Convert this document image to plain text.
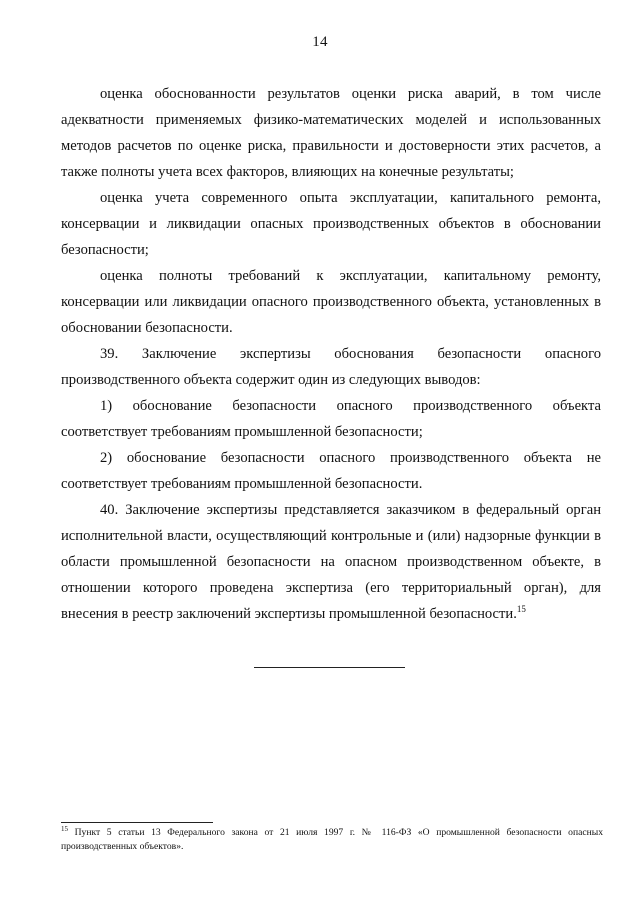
14

оценка обоснованности результатов оценки риска аварий, в том числе адекватности применяемых физико-математических моделей и использованных методов расчетов по оценке риска, правильности и достоверности этих расчетов, а также полноты учета всех факторов, влияющих на конечные результаты;

оценка учета современного опыта эксплуатации, капитального ремонта, консервации и ликвидации опасных производственных объектов в обосновании безопасности;

оценка полноты требований к эксплуатации, капитальному ремонту, консервации или ликвидации опасного производственного объекта, установленных в обосновании безопасности.

39. Заключение экспертизы обоснования безопасности опасного производственного объекта содержит один из следующих выводов:

1) обоснование безопасности опасного производственного объекта соответствует требованиям промышленной безопасности;

2) обоснование безопасности опасного производственного объекта не соответствует требованиям промышленной безопасности.

40. Заключение экспертизы представляется заказчиком в федеральный орган исполнительной власти, осуществляющий контрольные и (или) надзорные функции в области промышленной безопасности на опасном производственном объекте, в отношении которого проведена экспертиза (его территориальный орган), для внесения в реестр заключений экспертизы промышленной безопасности.$^{15}$

$^{15}$ Пункт 5 статьи 13 Федерального закона от 21 июля 1997 г. № 116-ФЗ «О промышленной безопасности опасных производственных объектов».
